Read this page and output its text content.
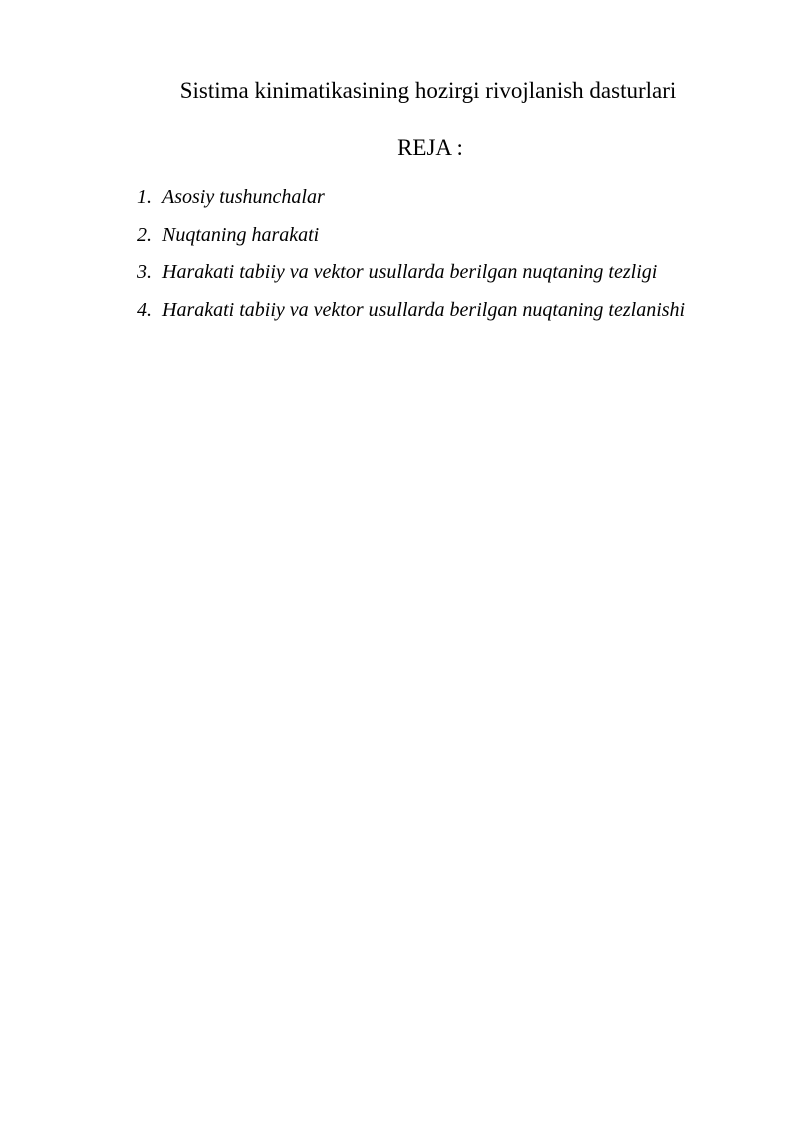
Sistima kinimatikasining hozirgi rivojlanish dasturlari
REJA :
1. Asosiy tushunchalar
2. Nuqtaning harakati
3. Harakati tabiiy va vektor usullarda berilgan nuqtaning tezligi
4. Harakati tabiiy va vektor usullarda berilgan nuqtaning tezlanishi
